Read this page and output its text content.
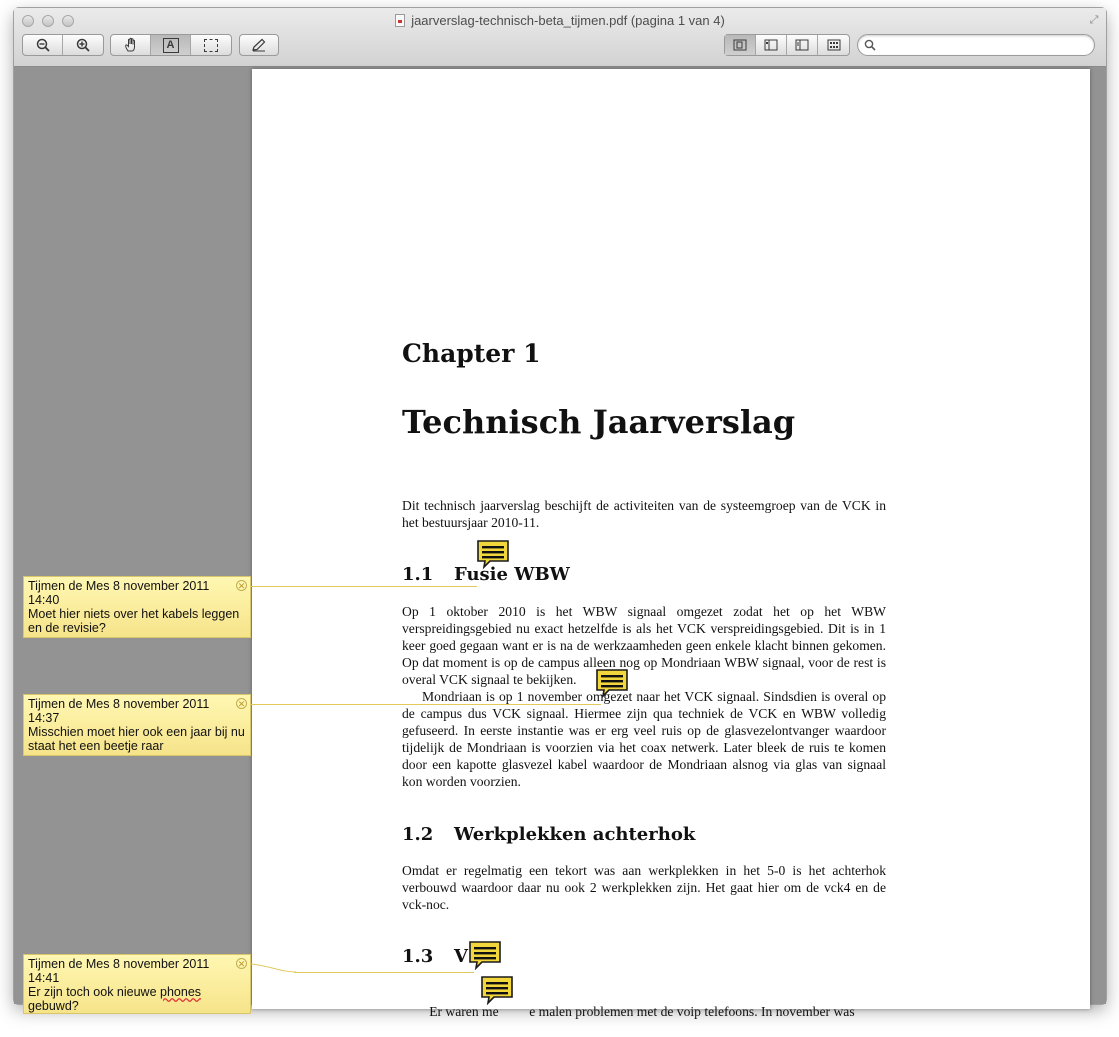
jaarverslag-technisch-beta_tijmen.pdf (pagina 1 van 4)	⤢
A
Chapter 1
Technisch Jaarverslag
Dit technisch jaarverslag beschijft de activiteiten van de systeemgroep van de VCK in het bestuursjaar 2010-11.
1.1 Fusie WBW
Op 1 oktober 2010 is het WBW signaal omgezet zodat het op het WBW verspreidingsgebied nu exact hetzelfde is als het VCK verspreidingsgebied. Dit is in 1 keer goed gegaan want er is na de werkzaamheden geen enkele klacht binnen gekomen. Op dat moment is op de campus alleen nog op Mondriaan WBW signaal, voor de rest is overal VCK signaal te bekijken.
Mondriaan is op 1 november omgezet naar het VCK signaal. Sindsdien is overal op de campus dus VCK signaal. Hiermee zijn qua techniek de VCK en WBW volledig gefuseerd. In eerste instantie was er erg veel ruis op de glasvezelontvanger waardoor tijdelijk de Mondriaan is voorzien via het coax netwerk. Later bleek de ruis te komen door een kapotte glasvezel kabel waardoor de Mondriaan alsnog via glas van signaal kon worden voorzien.
1.2 Werkplekken achterhok
Omdat er regelmatig een tekort was aan werkplekken in het 5-0 is het achterhok verbouwd waardoor daar nu ook 2 werkplekken zijn. Het gaat hier om de vck4 en de vck-noc.
1.3 V

Er waren me         e malen problemen met de voip telefoons. In november was

✕
Tijmen de Mes 8 november 2011
14:40
Moet hier niets over het kabels leggen en de revisie?
✕
Tijmen de Mes 8 november 2011
14:37
Misschien moet hier ook een jaar bij nu staat het een beetje raar
✕
Tijmen de Mes 8 november 2011
14:41
Er zijn toch ook nieuwe phones gebuwd?
